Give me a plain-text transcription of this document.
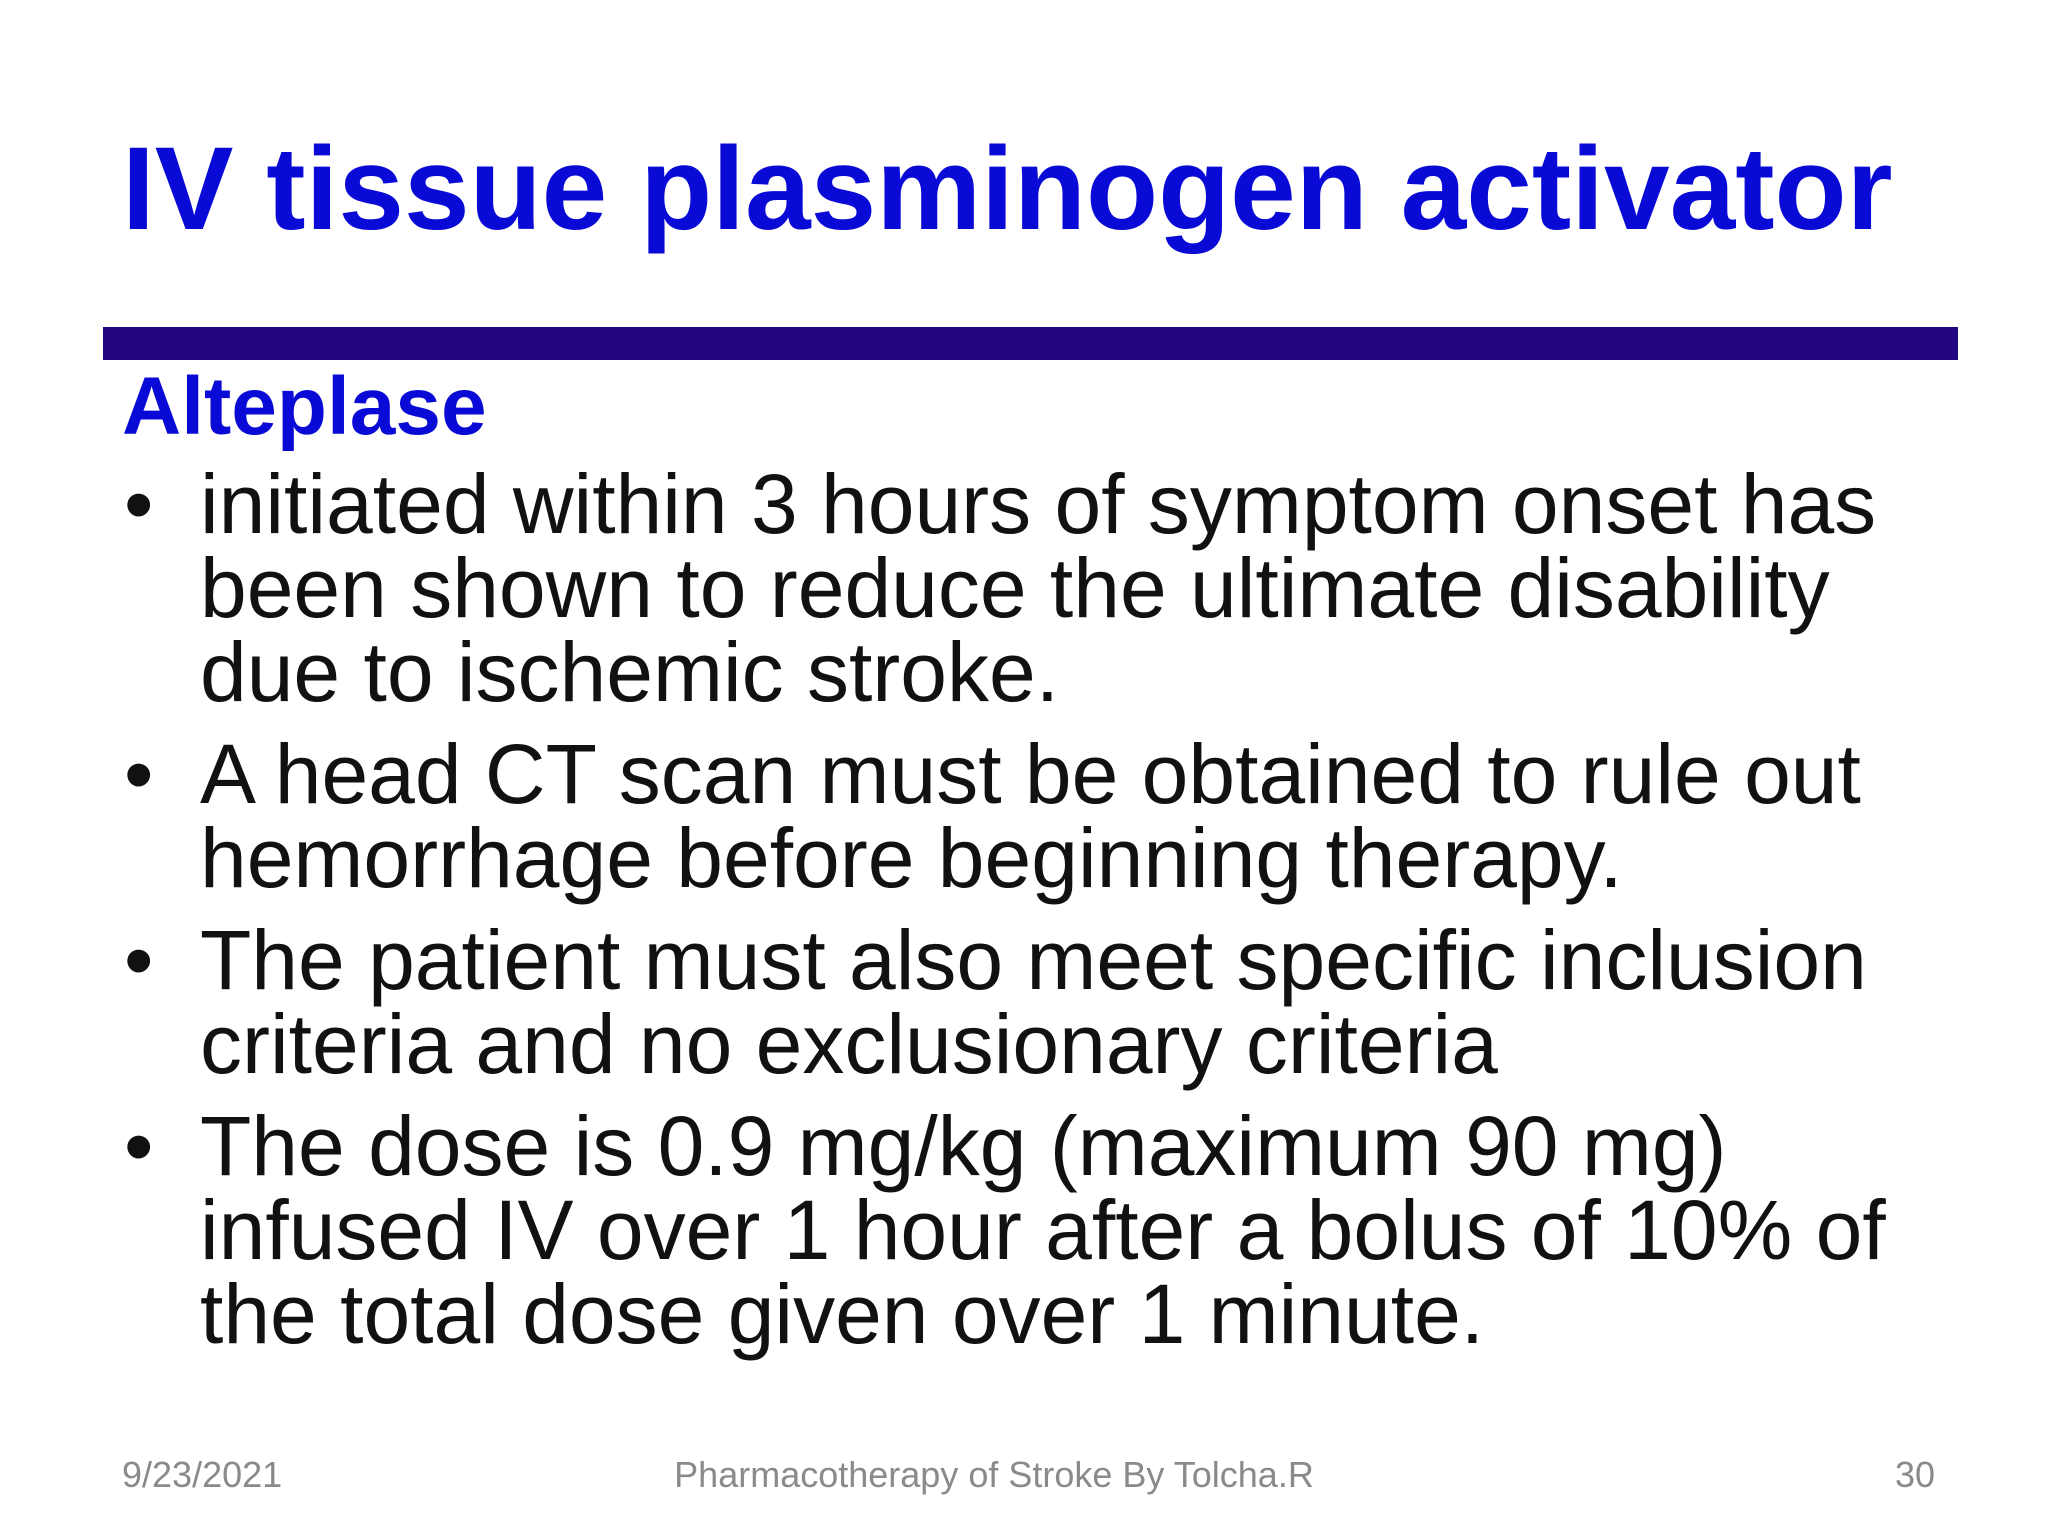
IV tissue plasminogen activator
Alteplase
• initiated within 3 hours of symptom onset has been shown to reduce the ultimate disability due to ischemic stroke.
• A head CT scan must be obtained to rule out hemorrhage before beginning therapy.
• The patient must also meet specific inclusion criteria and no exclusionary criteria
• The dose is 0.9 mg/kg (maximum 90 mg) infused IV over 1 hour after a bolus of 10% of the total dose given over 1 minute.
9/23/2021	Pharmacotherapy of Stroke By Tolcha.R	30
